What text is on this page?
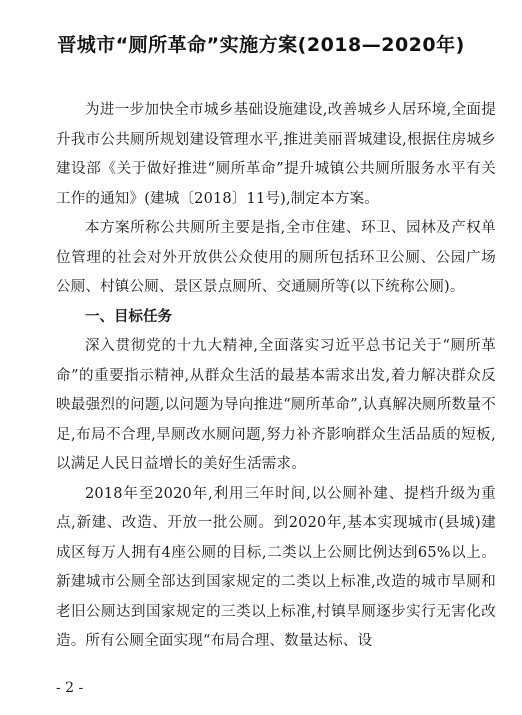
晋城市“厕所革命”实施方案(2018—2020年)

为进一步加快全市城乡基础设施建设,改善城乡人居环境,全面提升我市公共厕所规划建设管理水平,推进美丽晋城建设,根据住房城乡建设部《关于做好推进“厕所革命”提升城镇公共厕所服务水平有关工作的通知》(建城〔2018〕11号),制定本方案。

本方案所称公共厕所主要是指,全市住建、环卫、园林及产权单位管理的社会对外开放供公众使用的厕所包括环卫公厕、公园广场公厕、村镇公厕、景区景点厕所、交通厕所等(以下统称公厕)。

一、目标任务

深入贯彻党的十九大精神,全面落实习近平总书记关于“厕所革命”的重要指示精神,从群众生活的最基本需求出发,着力解决群众反映最强烈的问题,以问题为导向推进“厕所革命”,认真解决厕所数量不足,布局不合理,旱厕改水厕问题,努力补齐影响群众生活品质的短板,以满足人民日益增长的美好生活需求。

2018年至2020年,利用三年时间,以公厕补建、提档升级为重点,新建、改造、开放一批公厕。到2020年,基本实现城市(县城)建成区每万人拥有4座公厕的目标,二类以上公厕比例达到65%以上。新建城市公厕全部达到国家规定的二类以上标准,改造的城市旱厕和老旧公厕达到国家规定的三类以上标准,村镇旱厕逐步实行无害化改造。所有公厕全面实现“布局合理、数量达标、设

- 2 -
